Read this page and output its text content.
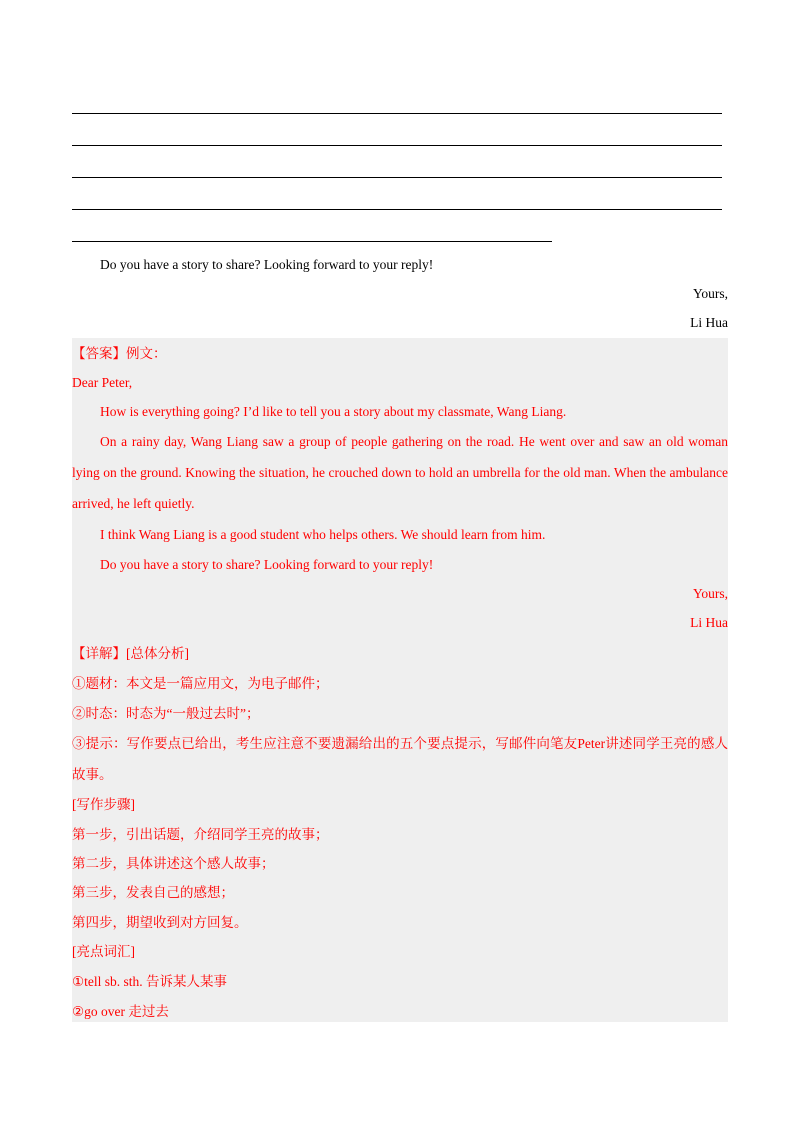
Do you have a story to share? Looking forward to your reply!
Yours,
Li Hua
【答案】例文：
Dear Peter,
How is everything going? I’d like to tell you a story about my classmate, Wang Liang.
On a rainy day, Wang Liang saw a group of people gathering on the road. He went over and saw an old woman lying on the ground. Knowing the situation, he crouched down to hold an umbrella for the old man. When the ambulance arrived, he left quietly.
I think Wang Liang is a good student who helps others. We should learn from him.
Do you have a story to share? Looking forward to your reply!
Yours,
Li Hua
【详解】[总体分析]
①题材：本文是一篇应用文，为电子邮件；
②时态：时态为“一般过去时”；
③提示：写作要点已给出，考生应注意不要遗漏给出的五个要点提示，写邮件向笔友Peter讲述同学王亮的感人故事。
[写作步骤]
第一步，引出话题，介绍同学王亮的故事；
第二步，具体讲述这个感人故事；
第三步，发表自己的感想；
第四步，期望收到对方回复。
[亮点词汇]
①tell sb. sth. 告诉某人某事
②go over 走过去
